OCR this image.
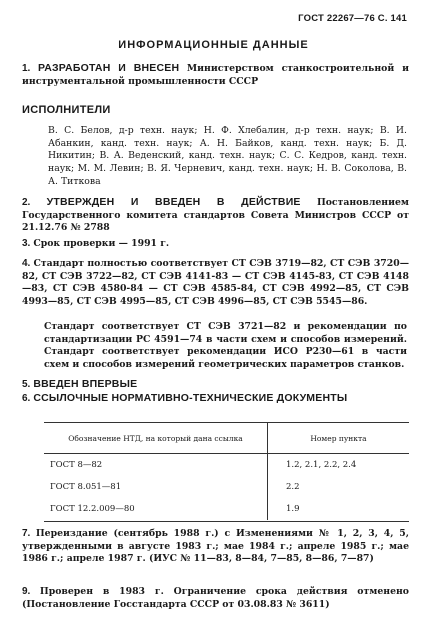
ГОСТ 22267—76 С. 141
ИНФОРМАЦИОННЫЕ ДАННЫЕ
1. РАЗРАБОТАН И ВНЕСЕН Министерством станкостроительной и инструментальной промышленности СССР
ИСПОЛНИТЕЛИ
В. С. Белов, д-р техн. наук; Н. Ф. Хлебалин, д-р техн. наук; В. И. Абанкин, канд. техн. наук; А. Н. Байков, канд. техн. наук; Б. Д. Никитин; В. А. Веденский, канд. техн. наук; С. С. Кедров, канд. техн. наук; М. М. Левин; В. Я. Черневич, канд. техн. наук; Н. В. Соколова, В. А. Титкова
2. УТВЕРЖДЕН И ВВЕДЕН В ДЕЙСТВИЕ Постановлением Государственного комитета стандартов Совета Министров СССР от 21.12.76 № 2788
3. Срок проверки — 1991 г.
4. Стандарт полностью соответствует СТ СЭВ 3719—82, СТ СЭВ 3720—82, СТ СЭВ 3722—82, СТ СЭВ 4141-83 — СТ СЭВ 4145-83, СТ СЭВ 4148—83, СТ СЭВ 4580-84 — СТ СЭВ 4585-84, СТ СЭВ 4992—85, СТ СЭВ 4993—85, СТ СЭВ 4995—85, СТ СЭВ 4996—85, СТ СЭВ 5545—86.
Стандарт соответствует СТ СЭВ 3721—82 и рекомендации по стандартизации РС 4591—74 в части схем и способов измерений. Стандарт соответствует рекомендации ИСО Р230—61 в части схем и способов измерений геометрических параметров станков.
5. ВВЕДЕН ВПЕРВЫЕ
6. ССЫЛОЧНЫЕ НОРМАТИВНО-ТЕХНИЧЕСКИЕ ДОКУМЕНТЫ
Обозначение НТД, на который дана ссылка	Номер пункта
ГОСТ 8—82	1.2, 2.1, 2.2, 2.4
ГОСТ 8.051—81	2.2
ГОСТ 12.2.009—80	1.9
7. Переиздание (сентябрь 1988 г.) с Изменениями № 1, 2, 3, 4, 5, утвержденными в августе 1983 г.; мае 1984 г.; апреле 1985 г.; мае 1986 г.; апреле 1987 г. (ИУС № 11—83, 8—84, 7—85, 8—86, 7—87)
9. Проверен в 1983 г. Ограничение срока действия отменено (Постановление Госстандарта СССР от 03.08.83 № 3611)
